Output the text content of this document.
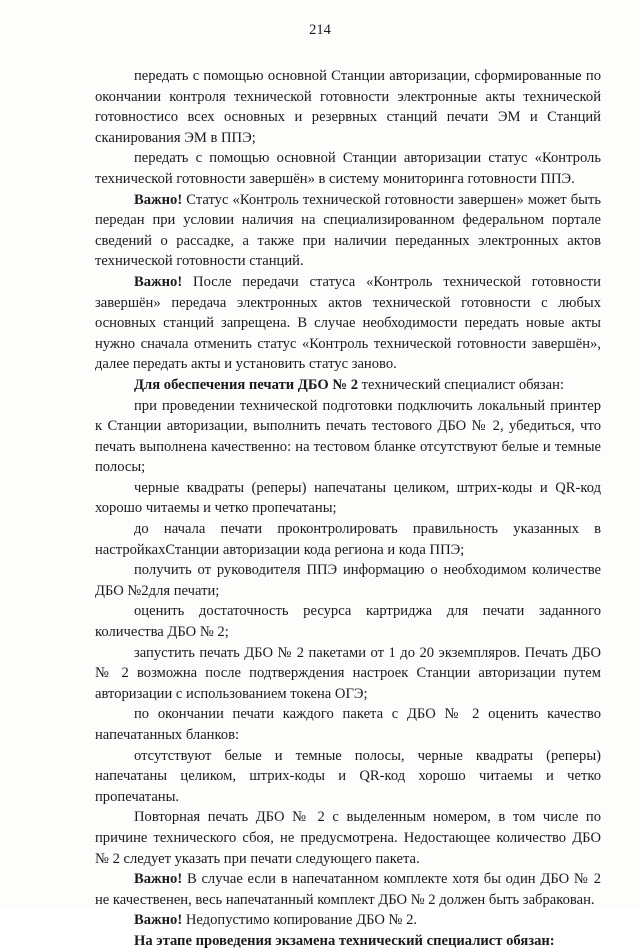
214

передать с помощью основной Станции авторизации, сформированные по окончании контроля технической готовности электронные акты технической готовностисо всех основных и резервных станций печати ЭМ и Станций сканирования ЭМ в ППЭ;

передать с помощью основной Станции авторизации статус «Контроль технической готовности завершён» в систему мониторинга готовности ППЭ.

Важно! Статус «Контроль технической готовности завершен» может быть передан при условии наличия на специализированном федеральном портале сведений о рассадке, а также при наличии переданных электронных актов технической готовности станций.

Важно! После передачи статуса «Контроль технической готовности завершён» передача электронных актов технической готовности с любых основных станций запрещена. В случае необходимости передать новые акты нужно сначала отменить статус «Контроль технической готовности завершён», далее передать акты и установить статус заново.

Для обеспечения печати ДБО № 2 технический специалист обязан:

при проведении технической подготовки подключить локальный принтер к Станции авторизации, выполнить печать тестового ДБО № 2, убедиться, что печать выполнена качественно: на тестовом бланке отсутствуют белые и темные полосы;

черные квадраты (реперы) напечатаны целиком, штрих-коды и QR-код хорошо читаемы и четко пропечатаны;

до начала печати проконтролировать правильность указанных в настройкахСтанции авторизации кода региона и кода ППЭ;

получить от руководителя ППЭ информацию о необходимом количестве ДБО №2для печати;

оценить достаточность ресурса картриджа для печати заданного количества ДБО № 2;

запустить печать ДБО № 2 пакетами от 1 до 20 экземпляров. Печать ДБО № 2 возможна после подтверждения настроек Станции авторизации путем авторизации с использованием токена ОГЭ;

по окончании печати каждого пакета с ДБО № 2 оценить качество напечатанных бланков:

отсутствуют белые и темные полосы, черные квадраты (реперы) напечатаны целиком, штрих-коды и QR-код хорошо читаемы и четко пропечатаны.

Повторная печать ДБО № 2 с выделенным номером, в том числе по причине технического сбоя, не предусмотрена. Недостающее количество ДБО № 2 следует указать при печати следующего пакета.

Важно! В случае если в напечатанном комплекте хотя бы один ДБО № 2 не качественен, весь напечатанный комплект ДБО № 2 должен быть забракован.

Важно! Недопустимо копирование ДБО № 2.

На этапе проведения экзамена технический специалист обязан:
